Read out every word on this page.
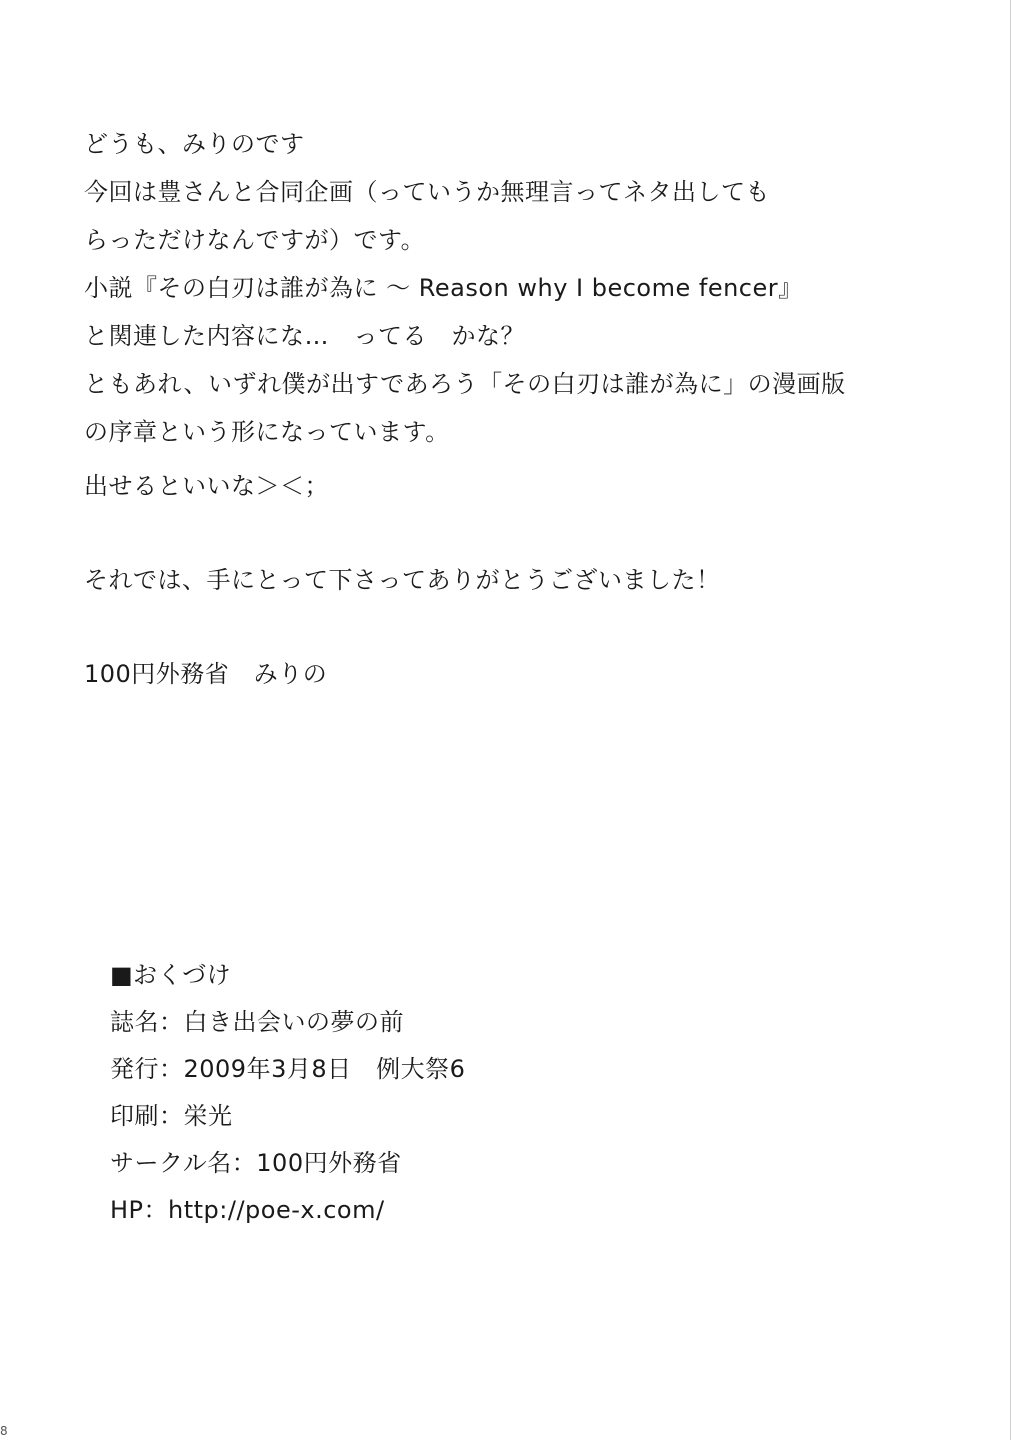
どうも、みりのです
今回は豊さんと合同企画（っていうか無理言ってネタ出しても
らっただけなんですが）です。
小説『その白刃は誰が為に ～ Reason why I become fencer』
と関連した内容にな…　ってる　かな？
ともあれ、いずれ僕が出すであろう「その白刃は誰が為に」の漫画版
の序章という形になっています。
出せるといいな＞＜；
それでは、手にとって下さってありがとうございました！
100円外務省　みりの
■おくづけ
誌名：白き出会いの夢の前
発行：2009年3月8日　例大祭6
印刷：栄光
サークル名：100円外務省
HP：http://poe-x.com/
8
